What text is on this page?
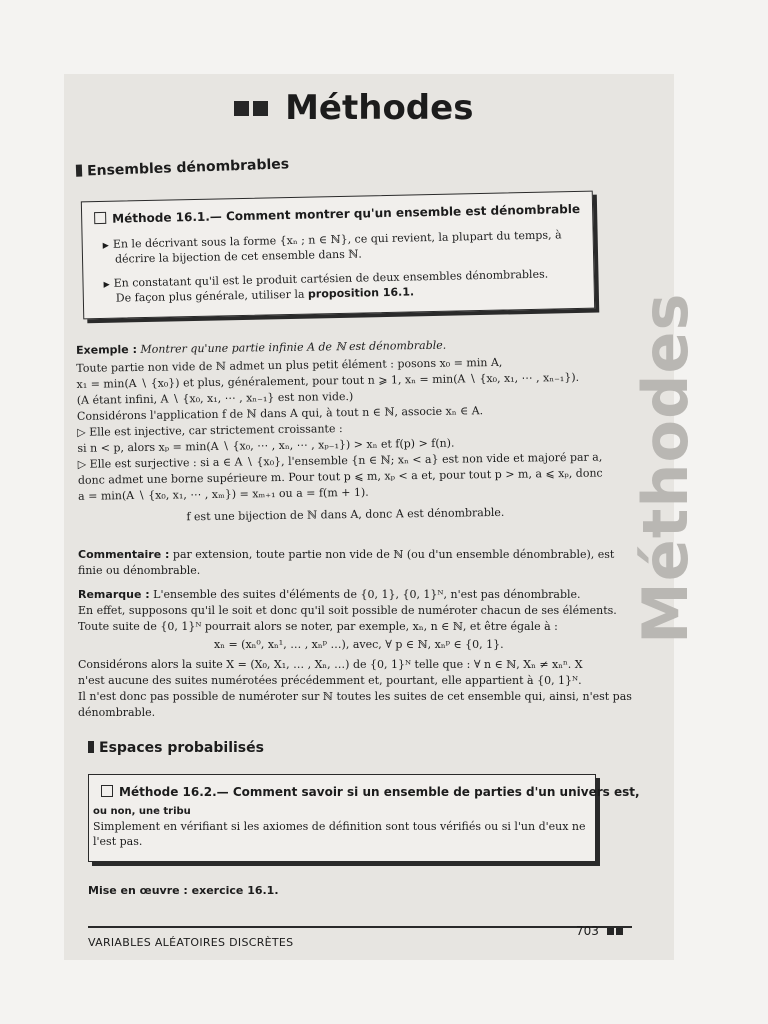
Méthodes
Ensembles dénombrables
Méthode 16.1.— Comment montrer qu'un ensemble est dénombrable
▶ En le décrivant sous la forme {xₙ ; n ∈ ℕ}, ce qui revient, la plupart du temps, à
décrire la bijection de cet ensemble dans ℕ.
▶ En constatant qu'il est le produit cartésien de deux ensembles dénombrables.
De façon plus générale, utiliser la proposition 16.1.
Exemple : Montrer qu'une partie infinie A de ℕ est dénombrable.
Toute partie non vide de ℕ admet un plus petit élément : posons x₀ = min A,
x₁ = min(A ∖ {x₀}) et plus, généralement, pour tout n ⩾ 1, xₙ = min(A ∖ {x₀, x₁, ⋯ , xₙ₋₁}).
(A étant infini, A ∖ {x₀, x₁, ⋯ , xₙ₋₁} est non vide.)
Considérons l'application f de ℕ dans A qui, à tout n ∈ ℕ, associe xₙ ∈ A.
▷ Elle est injective, car strictement croissante :
si n < p, alors xₚ = min(A ∖ {x₀, ⋯ , xₙ, ⋯ , xₚ₋₁}) > xₙ et f(p) > f(n).
▷ Elle est surjective : si a ∈ A ∖ {x₀}, l'ensemble {n ∈ ℕ; xₙ < a} est non vide et majoré par a,
donc admet une borne supérieure m. Pour tout p ⩽ m, xₚ < a et, pour tout p > m, a ⩽ xₚ, donc
a = min(A ∖ {x₀, x₁, ⋯ , xₘ}) = xₘ₊₁ ou a = f(m + 1).
f est une bijection de ℕ dans A, donc A est dénombrable.
Commentaire : par extension, toute partie non vide de ℕ (ou d'un ensemble dénombrable), est
finie ou dénombrable.
Remarque : L'ensemble des suites d'éléments de {0, 1}, {0, 1}ᴺ, n'est pas dénombrable.
En effet, supposons qu'il le soit et donc qu'il soit possible de numéroter chacun de ses éléments.
Toute suite de {0, 1}ᴺ pourrait alors se noter, par exemple, xₙ, n ∈ ℕ, et être égale à :
xₙ = (xₙ⁰, xₙ¹, … , xₙᵖ …), avec, ∀ p ∈ ℕ, xₙᵖ ∈ {0, 1}.
Considérons alors la suite X = (X₀, X₁, … , Xₙ, …) de {0, 1}ᴺ telle que : ∀ n ∈ ℕ, Xₙ ≠ xₙⁿ. X
n'est aucune des suites numérotées précédemment et, pourtant, elle appartient à {0, 1}ᴺ.
Il n'est donc pas possible de numéroter sur ℕ toutes les suites de cet ensemble qui, ainsi, n'est pas
dénombrable.
Espaces probabilisés
Méthode 16.2.— Comment savoir si un ensemble de parties d'un univers est,
ou non, une tribu
Simplement en vérifiant si les axiomes de définition sont tous vérifiés ou si l'un d'eux ne
l'est pas.
Mise en œuvre : exercice 16.1.
VARIABLES ALÉATOIRES DISCRÈTES
703
Méthodes
